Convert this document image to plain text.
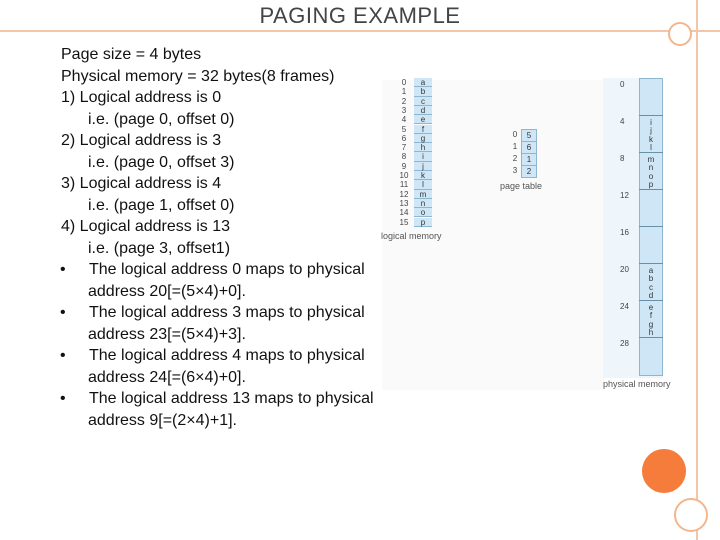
PAGING EXAMPLE
Page size = 4 bytes
Physical memory = 32 bytes(8 frames)
1) Logical address is 0
i.e. (page 0, offset 0)
2) Logical address is 3
i.e. (page 0, offset 3)
3) Logical address is 4
i.e. (page 1, offset 0)
4) Logical address is 13
i.e. (page 3, offset1)
• The logical address 0 maps to physical
address 20[=(5×4)+0].
• The logical address 3 maps to physical
address 23[=(5×4)+3].
• The logical address 4 maps to physical
address 24[=(6×4)+0].
• The logical address 13 maps to physical
address 9[=(2×4)+1].
0	a
1	b
2	c
3	d
4	e
5	f
6	g
7	h
8	i
9	j
10	k
11	l
12	m
13	n
14	o
15	p
logical memory
0	5
1	6
2	1
3	2
page table
0
4	i
j
k
l
8	m
n
o
p
12
16
20	a
b
c
d
24	e
f
g
h
28
physical memory
